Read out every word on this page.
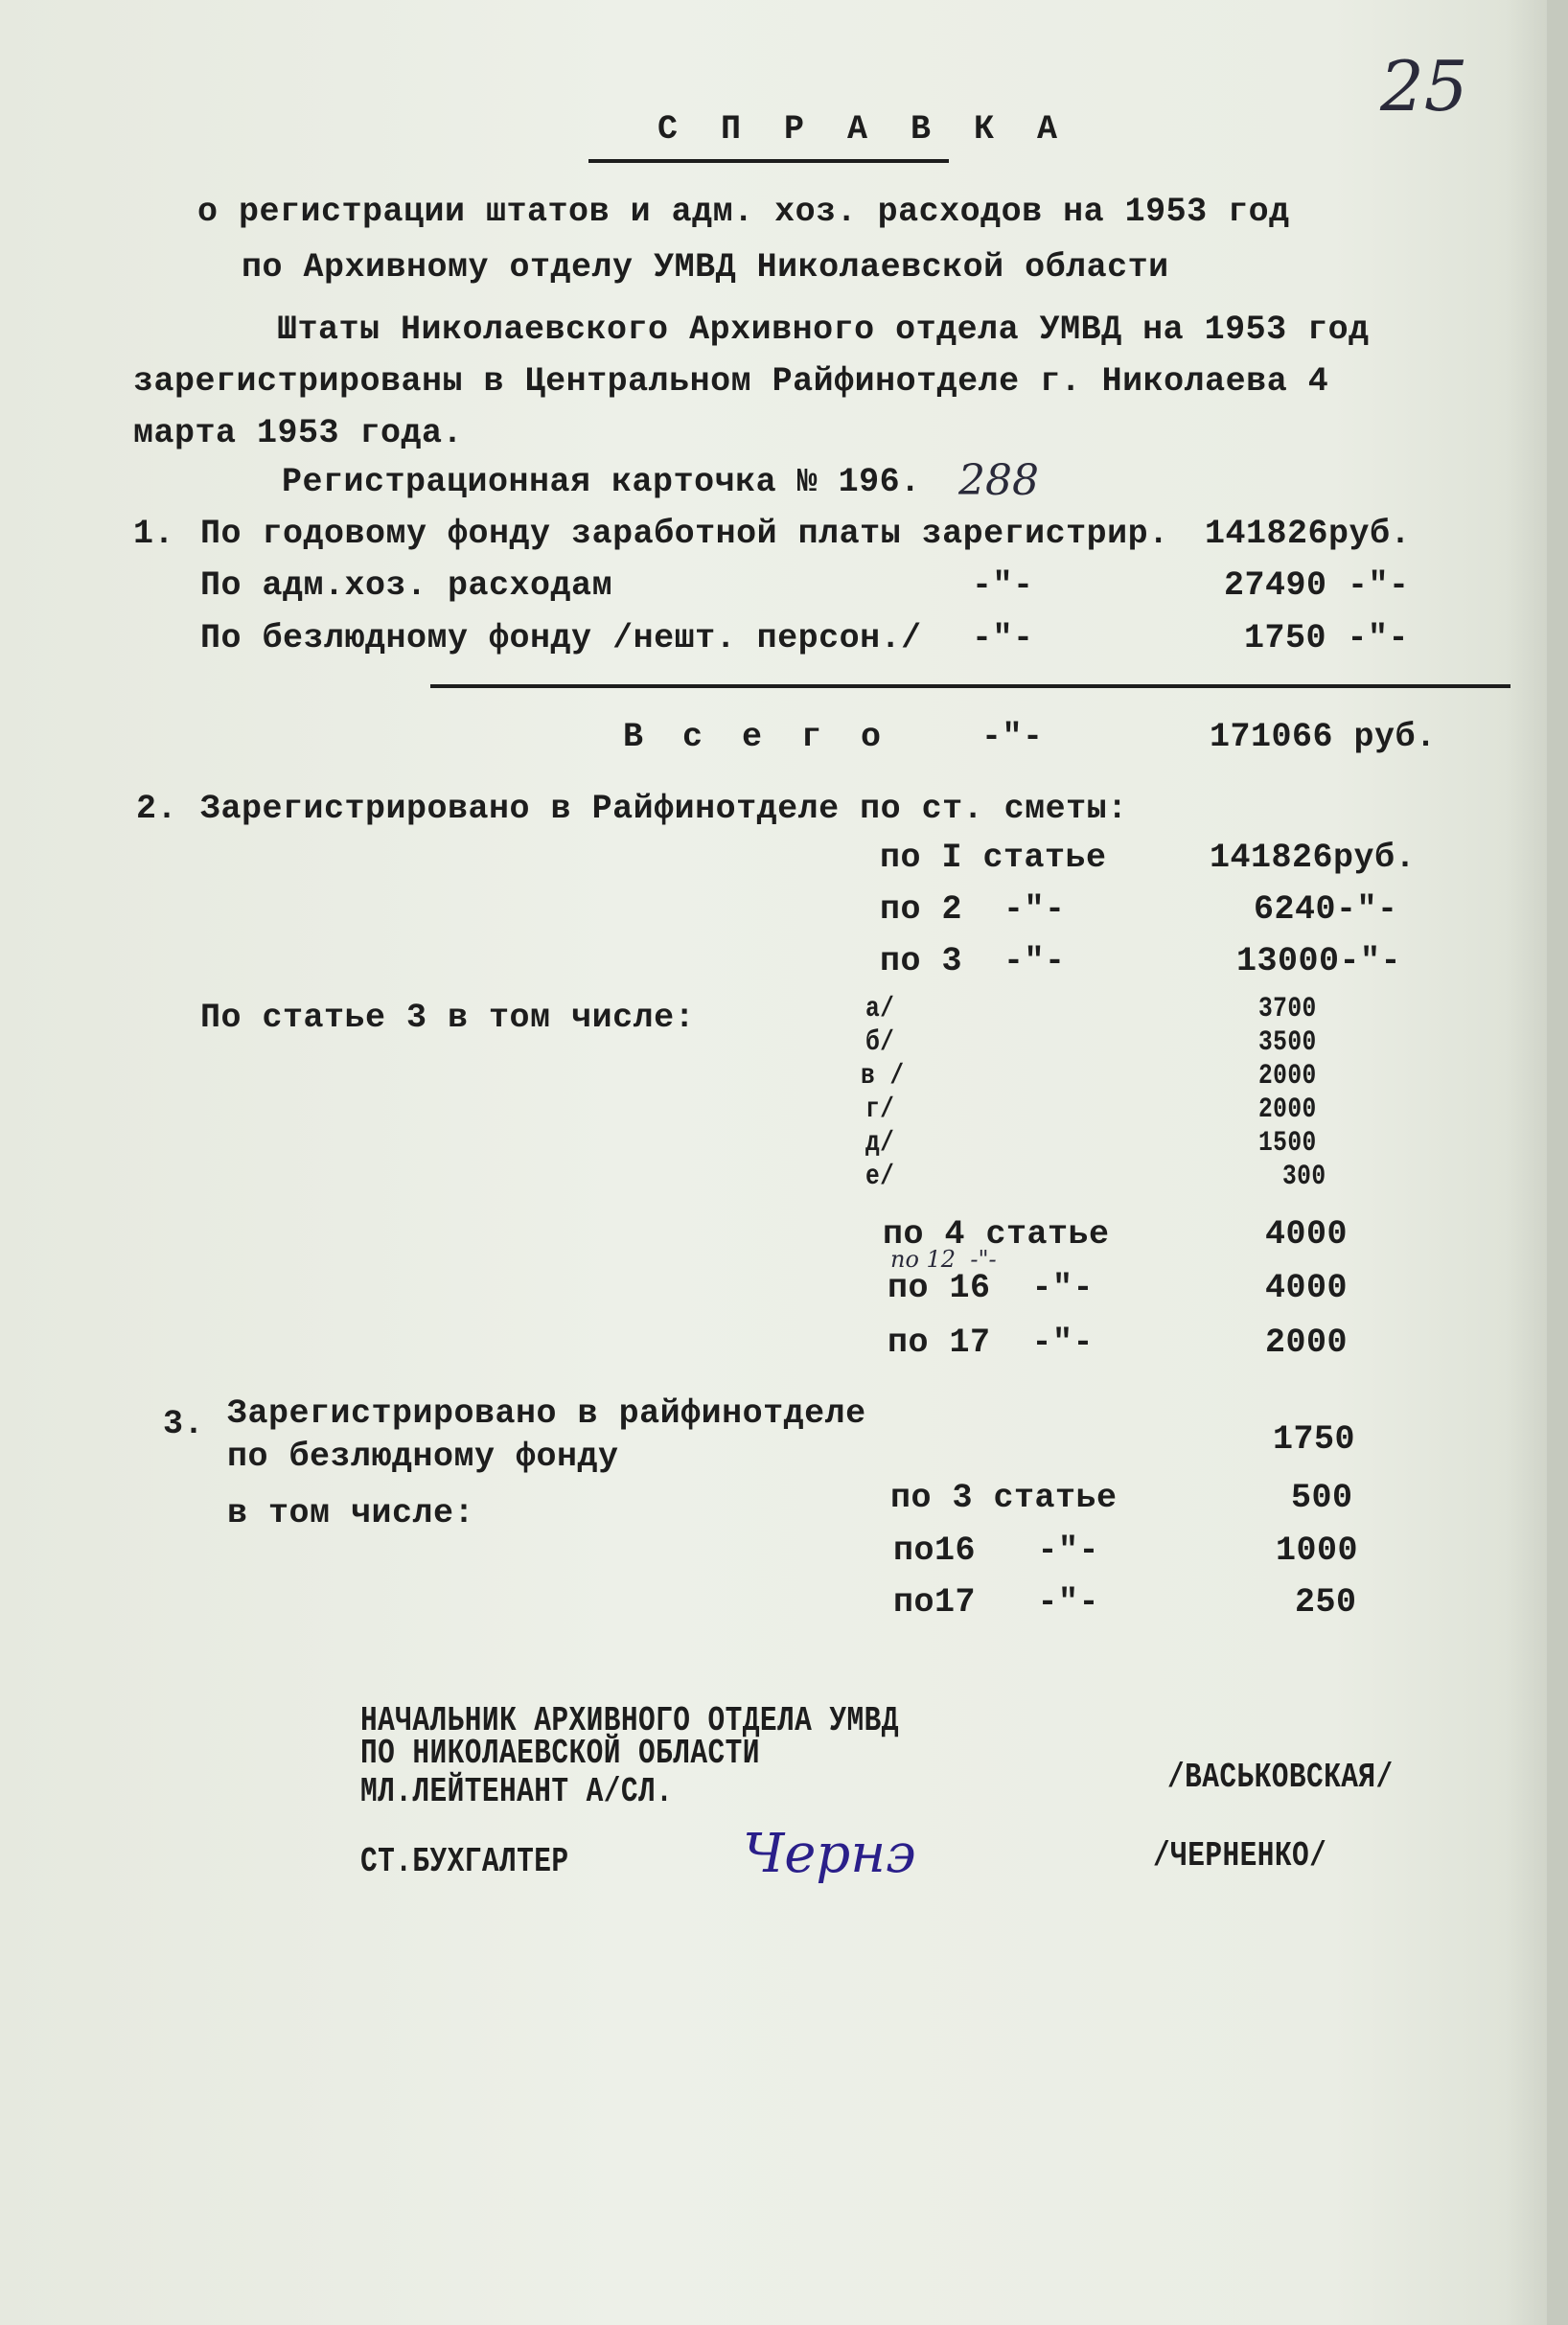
25
С П Р А В К А
о регистрации штатов и адм. хоз. расходов на 1953 год
по Архивному отделу УМВД Николаевской области
Штаты Николаевского Архивного отдела УМВД на 1953 год
зарегистрированы в Центральном Райфинотделе г. Николаева 4
марта 1953 года.
Регистрационная карточка № 196. 288
1. По годовому фонду заработной платы зарегистрир. 141826руб.
По адм.хоз. расходам	-"-	27490 -"-
По безлюдному фонду /нешт. персон./ -"-	1750 -"-
В с е г о	-"-	171066 руб.
2. Зарегистрировано в Райфинотделе по ст. сметы:
по I статье	141826руб.
по 2  -"-	6240-"-
по 3  -"-	13000-"-
По статье 3 в том числе:	а/	3700
б/	3500
в /	2000
г/	2000
д/	1500
е/	300
по 4 статье	4000
по 12  -"-
по 16  -"-	4000
по 17  -"-	2000
3. Зарегистрировано в райфинотделе
по безлюдному фонду	1750
в том числе:	по 3 статье	500
по16   -"-	1000
по17   -"-	250
НАЧАЛЬНИК АРХИВНОГО ОТДЕЛА УМВД
ПО НИКОЛАЕВСКОЙ ОБЛАСТИ
МЛ.ЛЕЙТЕНАНТ А/СЛ.	/ВАСЬКОВСКАЯ/
СТ.БУХГАЛТЕР	Чернэ	/ЧЕРНЕНКО/
